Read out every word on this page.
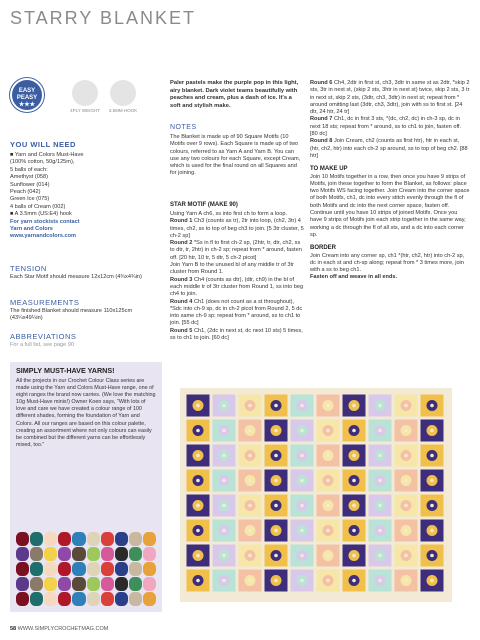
STARRY BLANKET
EASY PEASY
★★★
4PLY WEIGHT	3.5MM HOOK
YOU WILL NEED
■ Yarn and Colors Must-Have
(100% cotton, 50g/125m),
5 balls of each:
Amethyst (058)
Sunflower (014)
Peach (042)
Green Ice (075)
4 balls of Cream (002)
■ A 3.5mm (US:E4) hook
For yarn stockists contact
Yarn and Colors
www.yarnandcolors.com
TENSION
Each Star Motif should measure 12x12cm (4¾x4¾in)
MEASUREMENTS
The finished Blanket should measure 110x125cm (43¼x49¼in)
ABBREVIATIONS
For a full list, see page 90
SIMPLY MUST-HAVE YARNS!

All the projects in our Crochet Colour Class series are made using the Yarn and Colors Must-Have range, one of eight ranges the brand now carries. (We love the matching 10g Must-Have minis!) Owner Koen says, "With lots of love and care we have created a colour range of 100 different shades, forming the foundation of Yarn and Colors. All our ranges are based on this colour palette, creating an assortment where not only colours can easily be combined but the different yarns can be effortlessly mixed, too."

Paler pastels make the purple pop in this light, airy blanket. Dark violet teams beautifully with peaches and cream, plus a dash of ice. It's a soft and stylish make.
NOTES
The Blanket is made up of 90 Square Motifs (10 Motifs over 9 rows). Each Square is made up of two colours, referred to as Yarn A and Yarn B. You can use any two colours for each Square, except Cream, which is used for the final round on all Squares and for joining.
STAR MOTIF (MAKE 90)
Using Yarn A ch6, ss into first ch to form a loop.
Round 1 Ch3 (counts as tr), 2tr into loop, (ch2, 3tr) 4 times, ch2, ss to top of beg ch3 to join. [5 3tr cluster, 5 ch-2 sp]
Round 2 *Ss in fl to first ch-2 sp, (2htr, tr, dtr, ch2, ss to dtr, tr, 2htr) in ch-2 sp; repeat from * around, fasten off. [20 htr, 10 tr, 5 dtr, 5 ch-2 picot]
Join Yarn B to the unused bl of any middle tr of 3tr cluster from Round 1.
Round 3 Ch4 (counts as dtr), (dtr, ch9) in the bl of each middle tr of 3tr cluster from Round 1, ss into beg ch4 to join.
Round 4 Ch1 (does not count as a st throughout), *Sdc into ch-9 sp, dc in ch-2 picot from Round 2, 5 dc into same ch-9 sp; repeat from * around, ss to ch1 to join. [55 dc]
Round 5 Ch1, (2dc in next st, dc next 10 sts) 5 times, ss to ch1 to join. [60 dc]
Round 6 Ch4, 2dtr in first st, ch3, 3dtr in same st as 2dtr, *skip 2 sts, 3tr in next st, (skip 2 sts, 3htr in next st) twice, skip 2 sts, 3 tr in next st, skip 2 sts, (3dtr, ch3, 3dtr) in next st; repeat from * around omitting last (3dtr, ch3, 3dtr), join with ss to first st. [24 dtr, 24 htr, 24 tr]
Round 7 Ch1, dc in first 3 sts, *(dc, ch2, dc) in ch-3 sp, dc in next 18 sts; repeat from * around, ss to ch1 to join, fasten off. [80 dc]
Round 8 Join Cream, ch2 (counts as first htr), htr in each st, (htr, ch2, htr) into each ch-2 sp around, ss to top of beg ch2. [88 htr]
TO MAKE UP
Join 10 Motifs together in a row, then once you have 9 strips of Motifs, join these together to form the Blanket, as follows: place two Motifs WS facing together. Join Cream into the corner space of both Motifs, ch1, dc into every stitch evenly through the fl of both Motifs and dc into the next corner space, fasten off. Continue until you have 10 strips of joined Motifs. Once you have 9 strips of Motifs join each strip together in the same way, working a dc through the fl of all sts, and a dc into each corner sp.
BORDER
Join Cream into any corner sp, ch1 *(htr, ch2, htr) into ch-2 sp, dc in each st and ch-sp along; repeat from * 3 times more, join with a ss to beg ch1.
Fasten off and weave in all ends.
58 WWW.SIMPLYCROCHETMAG.COM
